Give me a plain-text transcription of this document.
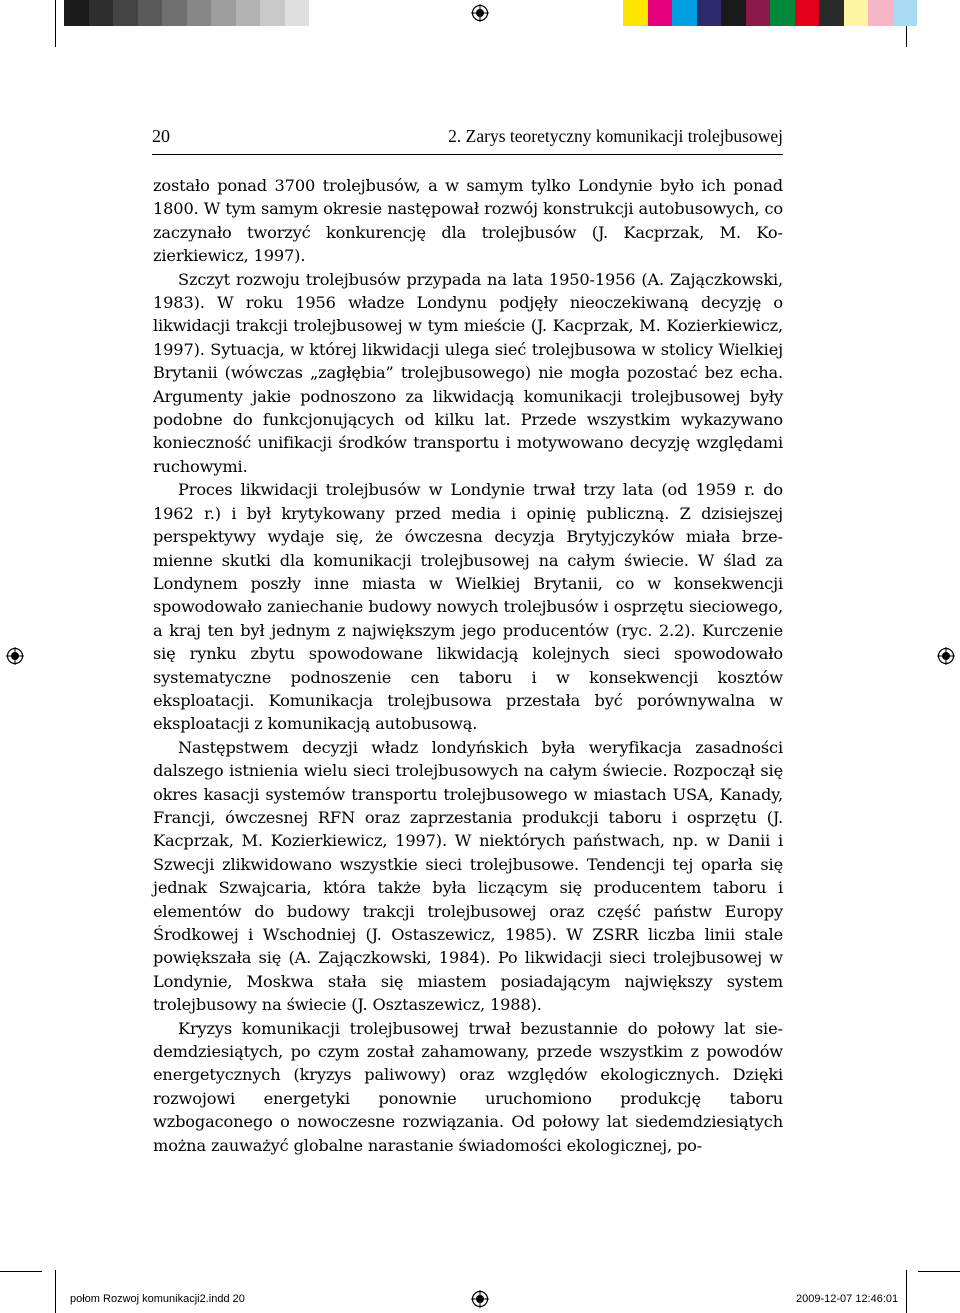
20	2. Zarys teoretyczny komunikacji trolejbusowej

zostało ponad 3700 trolejbusów, a w samym tylko Londynie było ich ponad 1800. W tym samym okresie następował rozwój konstrukcji autobusowych, co zaczynało tworzyć konkurencję dla trolejbusów (J. Kacprzak, M. Kozierkiewicz, 1997).

Szczyt rozwoju trolejbusów przypada na lata 1950-1956 (A. Zajączkowski, 1983). W roku 1956 władze Londynu podjęły nieoczekiwaną decyzję o likwidacji trakcji trolejbusowej w tym mieście (J. Kacprzak, M. Kozierkiewicz, 1997). Sytuacja, w której likwidacji ulega sieć trolejbusowa w stolicy Wielkiej Brytanii (wówczas „zagłębia” trolejbusowego) nie mogła pozostać bez echa. Argumenty jakie podnoszono za likwidacją komunikacji trolejbusowej były podobne do funkcjonujących od kilku lat. Przede wszystkim wykazywano konieczność unifikacji środków transportu i motywowano decyzję względami ruchowymi.

Proces likwidacji trolejbusów w Londynie trwał trzy lata (od 1959 r. do 1962 r.) i był krytykowany przed media i opinię publiczną. Z dzisiejszej perspektywy wydaje się, że ówczesna decyzja Brytyjczyków miała brzemienne skutki dla komunikacji trolejbusowej na całym świecie. W ślad za Londynem poszły inne miasta w Wielkiej Brytanii, co w konsekwencji spowodowało zaniechanie budowy nowych trolejbusów i osprzętu sieciowego, a kraj ten był jednym z największym jego producentów (ryc. 2.2). Kurczenie się rynku zbytu spowodowane likwidacją kolejnych sieci spowodowało systematyczne podnoszenie cen taboru i w konsekwencji kosztów eksploatacji. Komunikacja trolejbusowa przestała być porównywalna w eksploatacji z komunikacją autobusową.

Następstwem decyzji władz londyńskich była weryfikacja zasadności dalszego istnienia wielu sieci trolejbusowych na całym świecie. Rozpoczął się okres kasacji systemów transportu trolejbusowego w miastach USA, Kanady, Francji, ówczesnej RFN oraz zaprzestania produkcji taboru i osprzętu (J. Kacprzak, M. Kozierkiewicz, 1997). W niektórych państwach, np. w Danii i Szwecji zlikwidowano wszystkie sieci trolejbusowe. Tendencji tej oparła się jednak Szwajcaria, która także była liczącym się producentem taboru i elementów do budowy trakcji trolejbusowej oraz część państw Europy Środkowej i Wschodniej (J. Ostaszewicz, 1985). W ZSRR liczba linii stale powiększała się (A. Zajączkowski, 1984). Po likwidacji sieci trolejbusowej w Londynie, Moskwa stała się miastem posiadającym największy system trolejbusowy na świecie (J. Osztaszewicz, 1988).

Kryzys komunikacji trolejbusowej trwał bezustannie do połowy lat siedemdziesiątych, po czym został zahamowany, przede wszystkim z powodów energetycznych (kryzys paliwowy) oraz względów ekologicznych. Dzięki rozwojowi energetyki ponownie uruchomiono produkcję taboru wzbogaconego o nowoczesne rozwiązania. Od połowy lat siedemdziesiątych można zauważyć globalne narastanie świadomości ekologicznej, po-

połom Rozwoj komunikacji2.indd 20	2009-12-07 12:46:01
